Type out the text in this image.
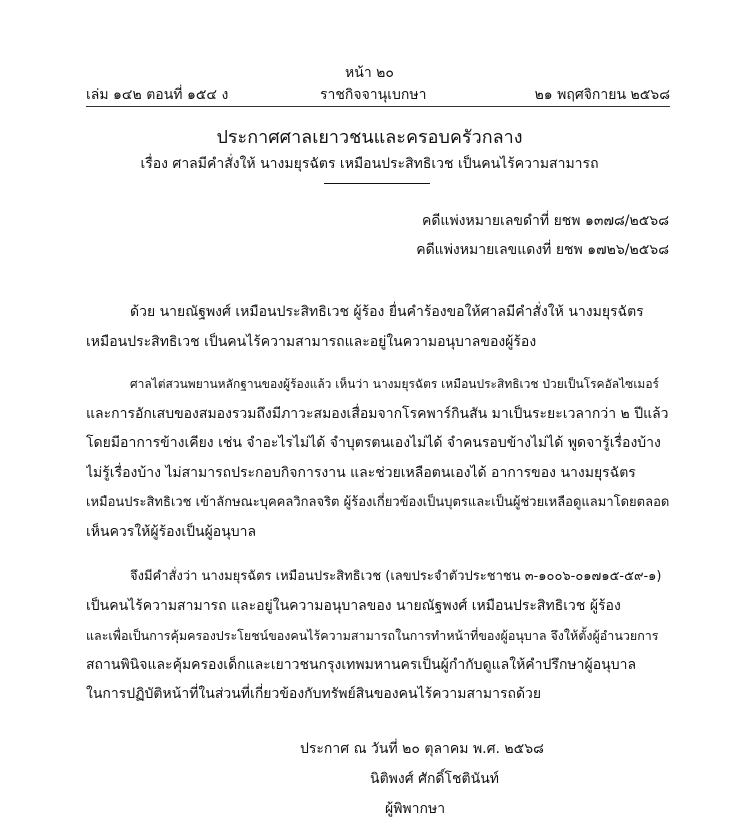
หน้า ๒๐
เล่ม ๑๔๒ ตอนที่ ๑๕๔ ง	ราชกิจจานุเบกษา	๒๑ พฤศจิกายน ๒๕๖๘
ประกาศศาลเยาวชนและครอบครัวกลาง
เรื่อง ศาลมีคำสั่งให้ นางมยุรฉัตร เหมือนประสิทธิเวช เป็นคนไร้ความสามารถ
คดีแพ่งหมายเลขดำที่ ยชพ ๑๓๗๘/๒๕๖๘
คดีแพ่งหมายเลขแดงที่ ยชพ ๑๗๒๖/๒๕๖๘
ด้วย นายณัฐพงศ์ เหมือนประสิทธิเวช ผู้ร้อง ยื่นคำร้องขอให้ศาลมีคำสั่งให้ นางมยุรฉัตร
เหมือนประสิทธิเวช เป็นคนไร้ความสามารถและอยู่ในความอนุบาลของผู้ร้อง
ศาลไต่สวนพยานหลักฐานของผู้ร้องแล้ว เห็นว่า นางมยุรฉัตร เหมือนประสิทธิเวช ป่วยเป็นโรคอัลไซเมอร์
และการอักเสบของสมองรวมถึงมีภาวะสมองเสื่อมจากโรคพาร์กินสัน มาเป็นระยะเวลากว่า ๒ ปีแล้ว
โดยมีอาการข้างเคียง เช่น จำอะไรไม่ได้ จำบุตรตนเองไม่ได้ จำคนรอบข้างไม่ได้ พูดจารู้เรื่องบ้าง
ไม่รู้เรื่องบ้าง ไม่สามารถประกอบกิจการงาน และช่วยเหลือตนเองได้ อาการของ นางมยุรฉัตร
เหมือนประสิทธิเวช เข้าลักษณะบุคคลวิกลจริต ผู้ร้องเกี่ยวข้องเป็นบุตรและเป็นผู้ช่วยเหลือดูแลมาโดยตลอด
เห็นควรให้ผู้ร้องเป็นผู้อนุบาล
จึงมีคำสั่งว่า นางมยุรฉัตร เหมือนประสิทธิเวช (เลขประจำตัวประชาชน ๓-๑๐๐๖-๐๑๗๑๕-๕๙-๑)
เป็นคนไร้ความสามารถ และอยู่ในความอนุบาลของ นายณัฐพงศ์ เหมือนประสิทธิเวช ผู้ร้อง
และเพื่อเป็นการคุ้มครองประโยชน์ของคนไร้ความสามารถในการทำหน้าที่ของผู้อนุบาล จึงให้ตั้งผู้อำนวยการ
สถานพินิจและคุ้มครองเด็กและเยาวชนกรุงเทพมหานครเป็นผู้กำกับดูแลให้คำปรึกษาผู้อนุบาล
ในการปฏิบัติหน้าที่ในส่วนที่เกี่ยวข้องกับทรัพย์สินของคนไร้ความสามารถด้วย
ประกาศ ณ วันที่ ๒๐ ตุลาคม พ.ศ. ๒๕๖๘
นิติพงศ์ ศักดิ์โชตินันท์
ผู้พิพากษา
